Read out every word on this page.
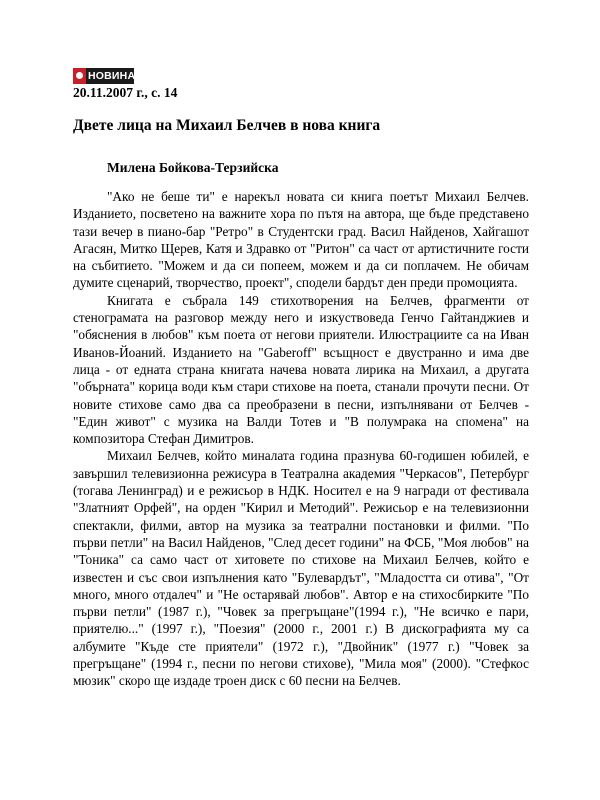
НОВИНАР
20.11.2007 г., с. 14
Двете лица на Михаил Белчев в нова книга
Милена Бойкова-Терзийска

"Ако не беше ти" е нарекъл новата си книга поетът Михаил Белчев. Изданието, посветено на важните хора по пътя на автора, ще бъде представено тази вечер в пиано-бар "Ретро" в Студентски град. Васил Найденов, Хайгашот Агасян, Митко Щерев, Катя и Здравко от "Ритон" са част от артистичните гости на събитието. "Можем и да си попеем, можем и да си поплачем. Не обичам думите сценарий, творчество, проект", сподели бардът ден преди промоцията.

Книгата е събрала 149 стихотворения на Белчев, фрагменти от стенограмата на разговор между него и изкуствоведа Генчо Гайтанджиев и "обяснения в любов" към поета от негови приятели. Илюстрациите са на Иван Иванов-Йоаний. Изданието на "Gaberoff" всъщност е двустранно и има две лица - от едната страна книгата начева новата лирика на Михаил, а другата "обърната" корица води към стари стихове на поета, станали прочути песни. От новите стихове само два са преобразени в песни, изпълнявани от Белчев - "Един живот" с музика на Валди Тотев и "В полумрака на спомена" на композитора Стефан Димитров.

Михаил Белчев, който миналата година празнува 60-годишен юбилей, е завършил телевизионна режисура в Театрална академия "Черкасов", Петербург (тогава Ленинград) и е режисьор в НДК. Носител е на 9 награди от фестивала "Златният Орфей", на орден "Кирил и Методий". Режисьор е на телевизионни спектакли, филми, автор на музика за театрални постановки и филми. "По първи петли" на Васил Найденов, "След десет години" на ФСБ, "Моя любов" на "Тоника" са само част от хитовете по стихове на Михаил Белчев, който е известен и със свои изпълнения като "Булевардът", "Младостта си отива", "От много, много отдалеч" и "Не остарявай любов". Автор е на стихосбирките "По първи петли" (1987 г.), "Човек за прегръщане"(1994 г.), "Не всичко е пари, приятелю..." (1997 г.), "Поезия" (2000 г., 2001 г.) В дискографията му са албумите "Къде сте приятели" (1972 г.), "Двойник" (1977 г.) "Човек за прегръщане" (1994 г., песни по негови стихове), "Мила моя" (2000). "Стефкос мюзик" скоро ще издаде троен диск с 60 песни на Белчев.
